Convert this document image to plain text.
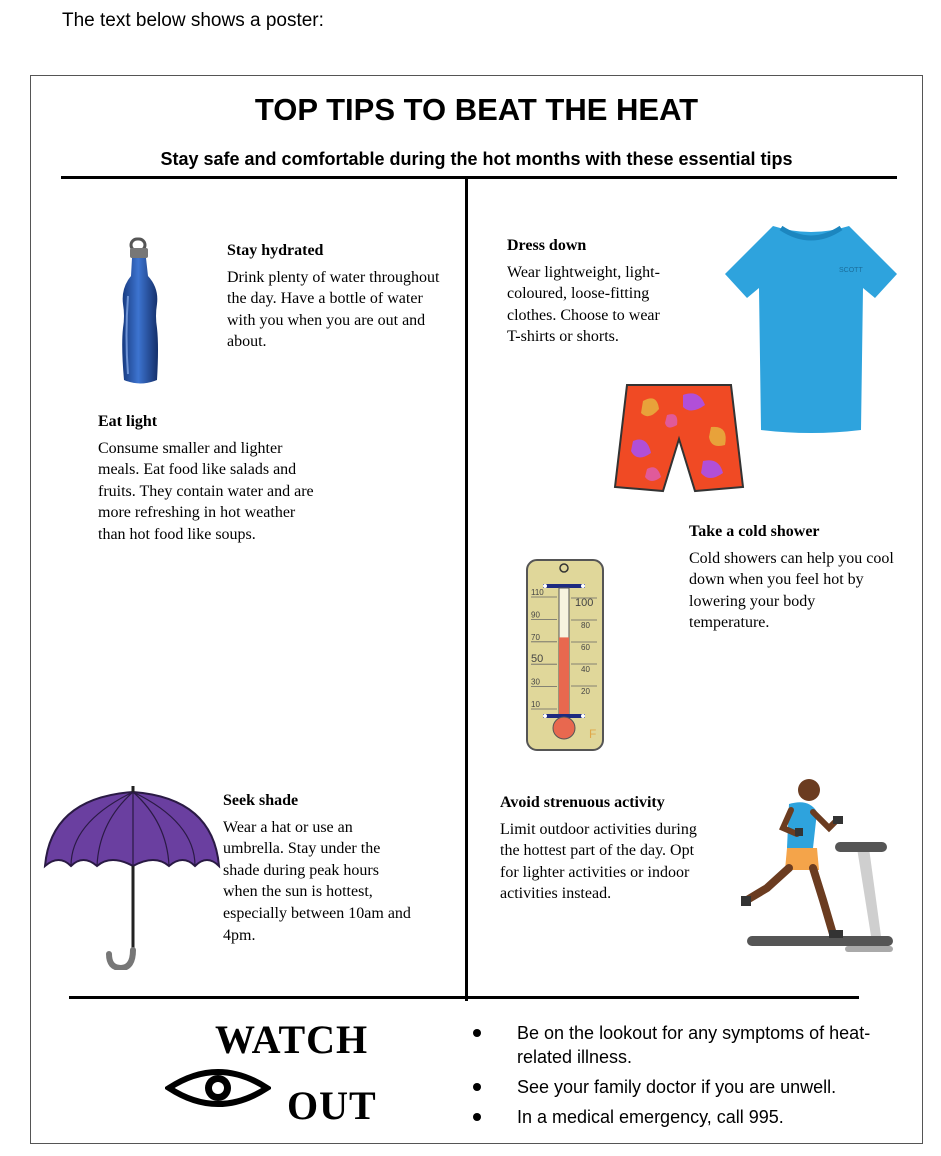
The text below shows a poster:
TOP TIPS TO BEAT THE HEAT
Stay safe and comfortable during the hot months with these essential tips
Stay hydrated

Drink plenty of water throughout the day. Have a bottle of water with you when you are out and about.

Dress down

Wear lightweight, light-coloured, loose-fitting clothes. Choose to wear T-shirts or shorts.

SCOTT
Eat light

Consume smaller and lighter meals. Eat food like salads and fruits. They contain water and are more refreshing in hot weather than hot food like soups.	Take a cold shower

Cold showers can help you cool down when you feel hot by lowering your body temperature.

110
90
70
50
30
10
100
80
60
40
20
F
Seek shade

Wear a hat or use an umbrella. Stay under the shade during peak hours when the sun is hottest, especially between 10am and 4pm.

Avoid strenuous activity

Limit outdoor activities during the hottest part of the day. Opt for lighter activities or indoor activities instead.

WATCH
OUT
Be on the lookout for any symptoms of heat-related illness.
See your family doctor if you are unwell.
In a medical emergency, call 995.
